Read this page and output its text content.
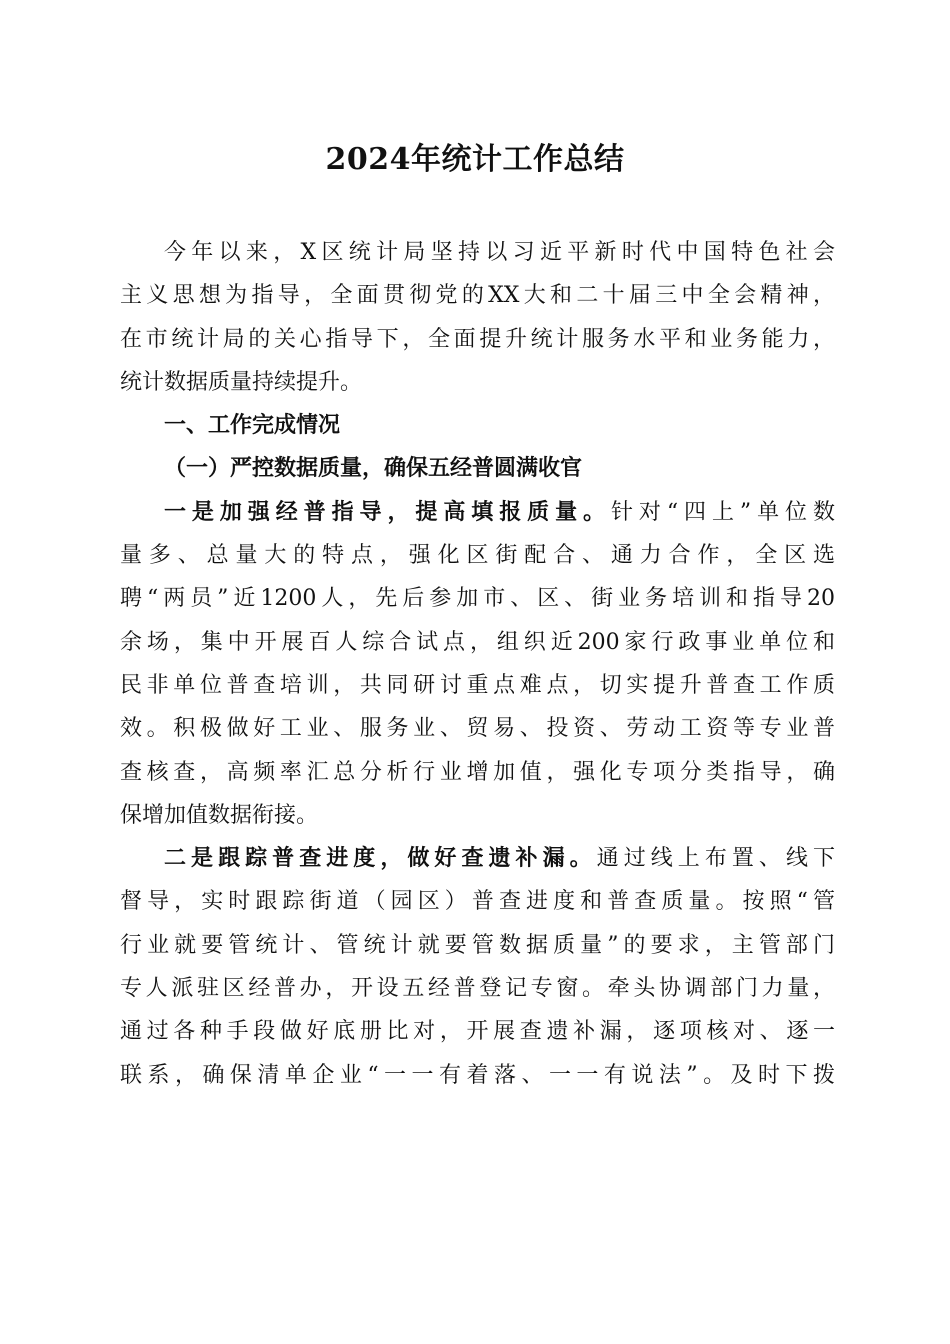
2024年统计工作总结
今年以来，X区统计局坚持以习近平新时代中国特色社会
主义思想为指导，全面贯彻党的XX大和二十届三中全会精神，
在市统计局的关心指导下，全面提升统计服务水平和业务能力，
统计数据质量持续提升。
一、工作完成情况
（一）严控数据质量，确保五经普圆满收官
一是加强经普指导，提高填报质量。针对“四上”单位数
量多、总量大的特点，强化区街配合、通力合作，全区选
聘“两员”近1200人，先后参加市、区、街业务培训和指导20
余场，集中开展百人综合试点，组织近200家行政事业单位和
民非单位普查培训，共同研讨重点难点，切实提升普查工作质
效。积极做好工业、服务业、贸易、投资、劳动工资等专业普
查核查，高频率汇总分析行业增加值，强化专项分类指导，确
保增加值数据衔接。
二是跟踪普查进度，做好查遗补漏。通过线上布置、线下
督导，实时跟踪街道（园区）普查进度和普查质量。按照“管
行业就要管统计、管统计就要管数据质量”的要求，主管部门
专人派驻区经普办，开设五经普登记专窗。牵头协调部门力量，
通过各种手段做好底册比对，开展查遗补漏，逐项核对、逐一
联系，确保清单企业“一一有着落、一一有说法”。及时下拨
